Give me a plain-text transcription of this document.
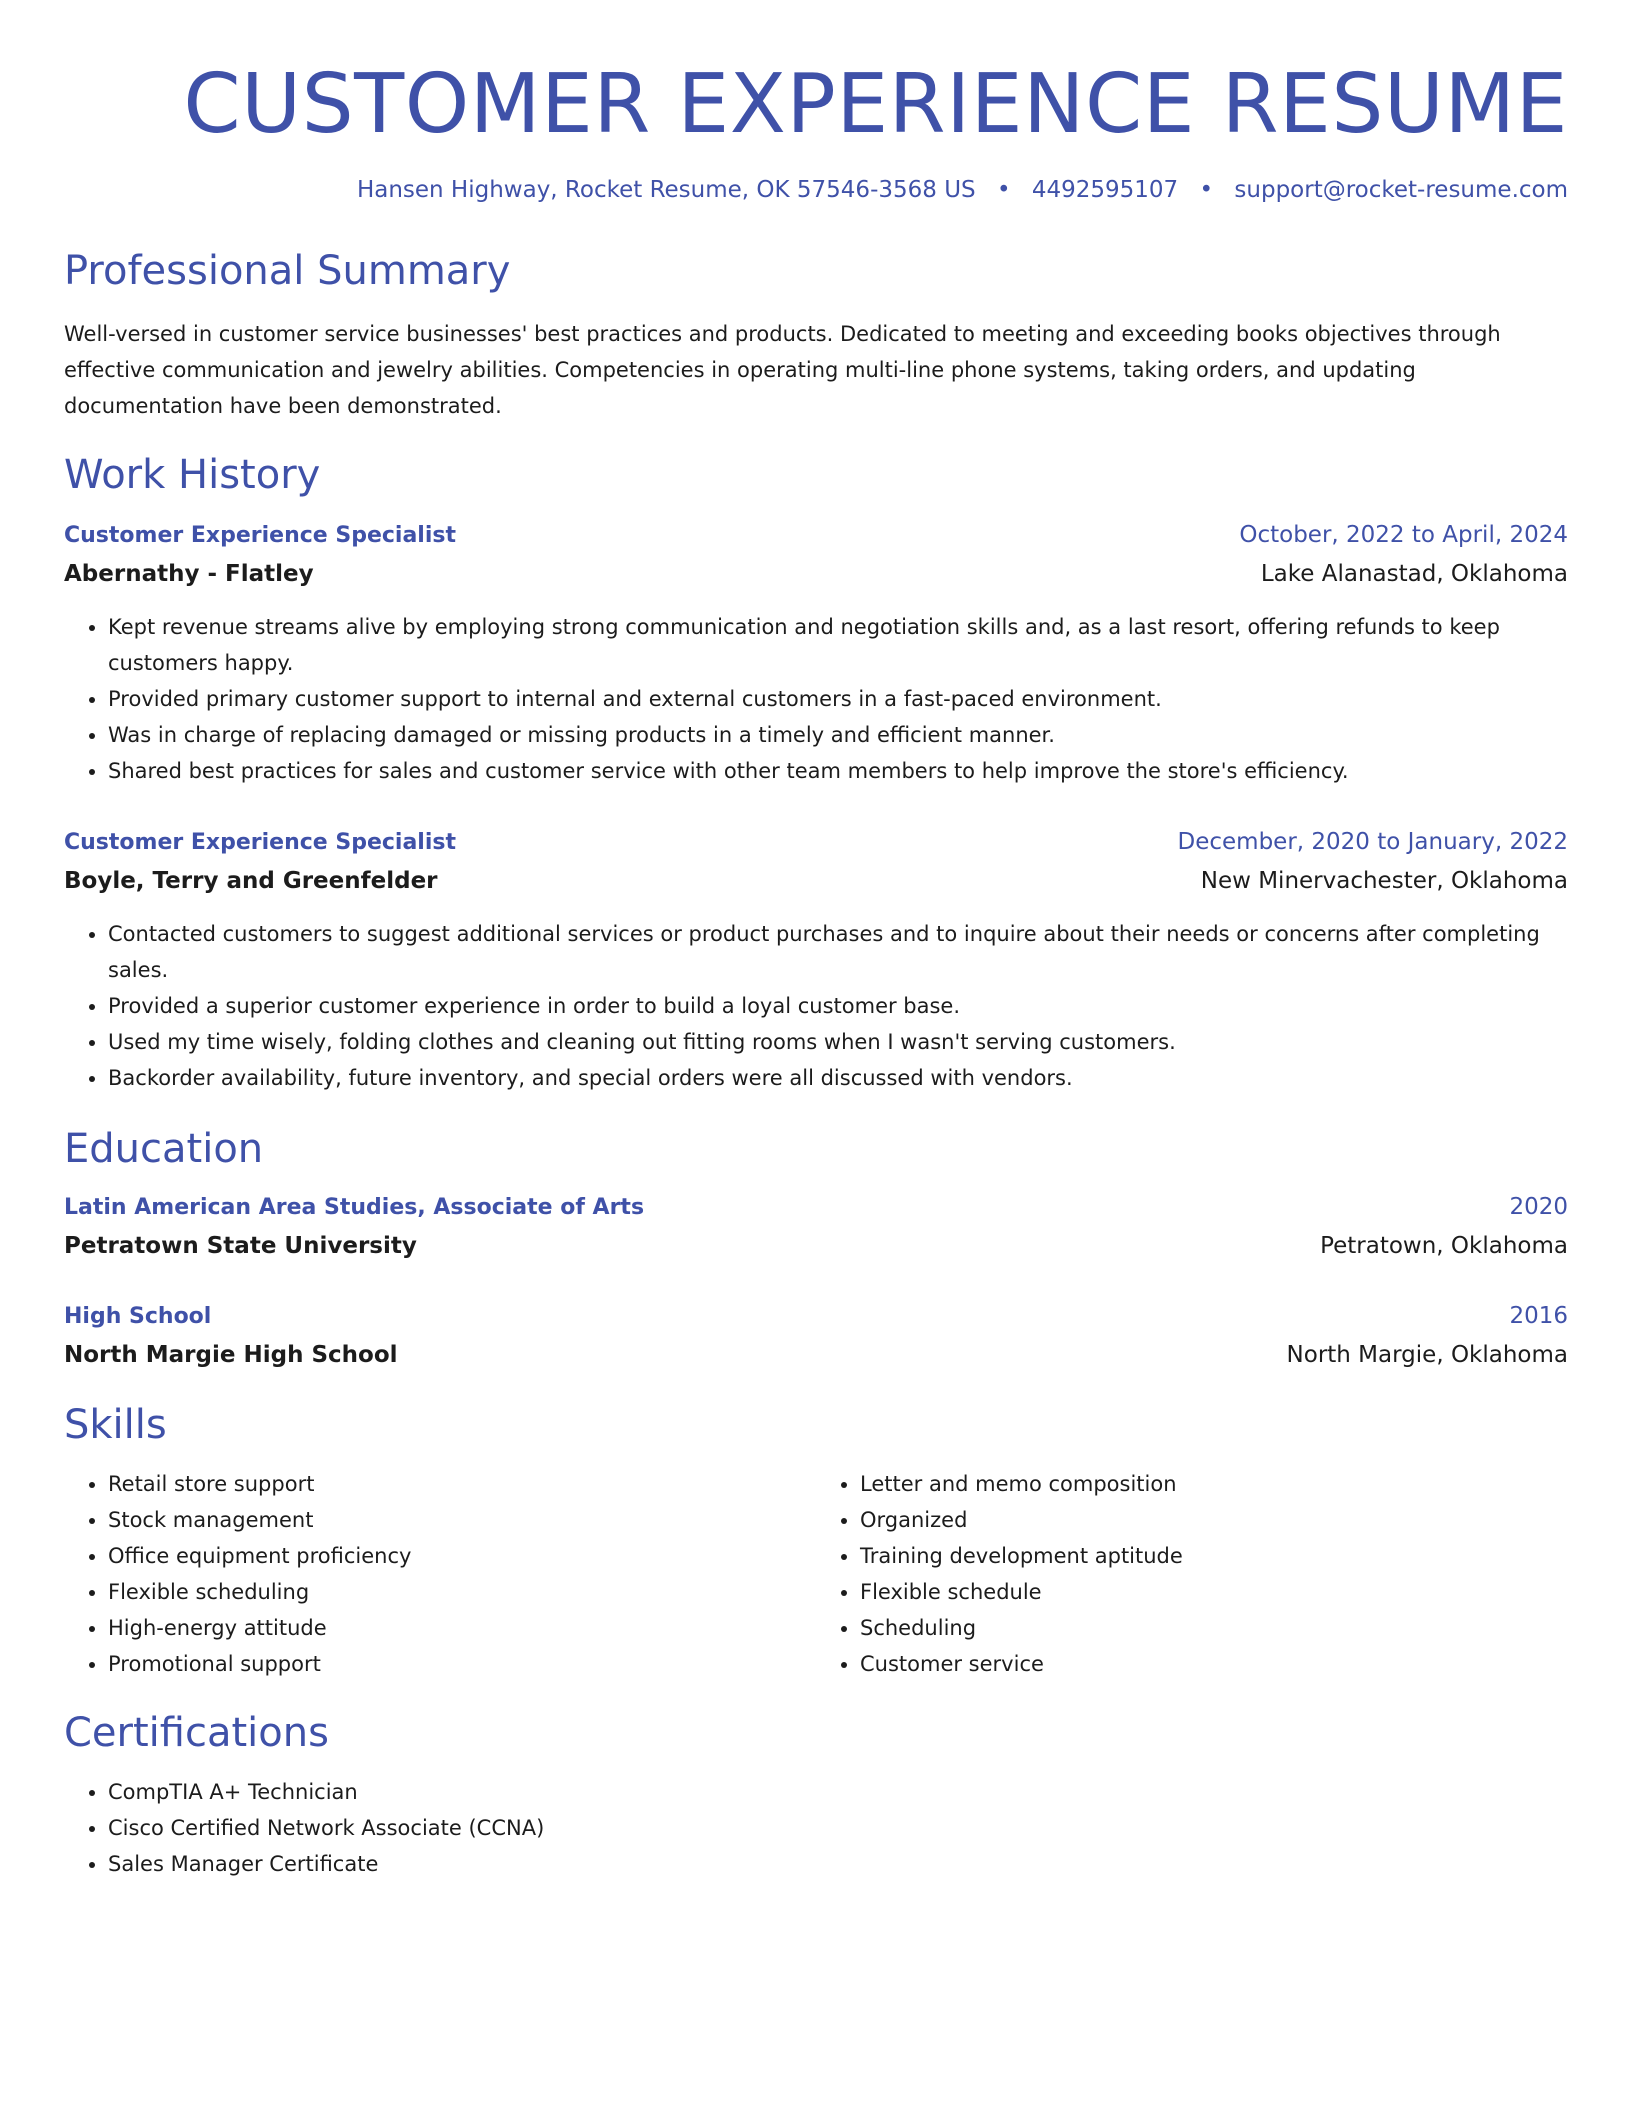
CUSTOMER EXPERIENCE RESUME
Hansen Highway, Rocket Resume, OK 57546-3568 US • 4492595107 • support@rocket-resume.com
Professional Summary

Well-versed in customer service businesses' best practices and products. Dedicated to meeting and exceeding books objectives through effective communication and jewelry abilities. Competencies in operating multi-line phone systems, taking orders, and updating documentation have been demonstrated.

Work History
Customer Experience Specialist	October, 2022 to April, 2024
Abernathy - Flatley	Lake Alanastad, Oklahoma
• Kept revenue streams alive by employing strong communication and negotiation skills and, as a last resort, offering refunds to keep customers happy.
• Provided primary customer support to internal and external customers in a fast-paced environment.
• Was in charge of replacing damaged or missing products in a timely and efficient manner.
• Shared best practices for sales and customer service with other team members to help improve the store's efficiency.
Customer Experience Specialist	December, 2020 to January, 2022
Boyle, Terry and Greenfelder	New Minervachester, Oklahoma
• Contacted customers to suggest additional services or product purchases and to inquire about their needs or concerns after completing sales.
• Provided a superior customer experience in order to build a loyal customer base.
• Used my time wisely, folding clothes and cleaning out fitting rooms when I wasn't serving customers.
• Backorder availability, future inventory, and special orders were all discussed with vendors.
Education
Latin American Area Studies, Associate of Arts	2020
Petratown State University	Petratown, Oklahoma
High School	2016
North Margie High School	North Margie, Oklahoma
Skills
• Retail store support
• Stock management
• Office equipment proficiency
• Flexible scheduling
• High-energy attitude
• Promotional support
• Letter and memo composition
• Organized
• Training development aptitude
• Flexible schedule
• Scheduling
• Customer service
Certifications
• CompTIA A+ Technician
• Cisco Certified Network Associate (CCNA)
• Sales Manager Certificate
